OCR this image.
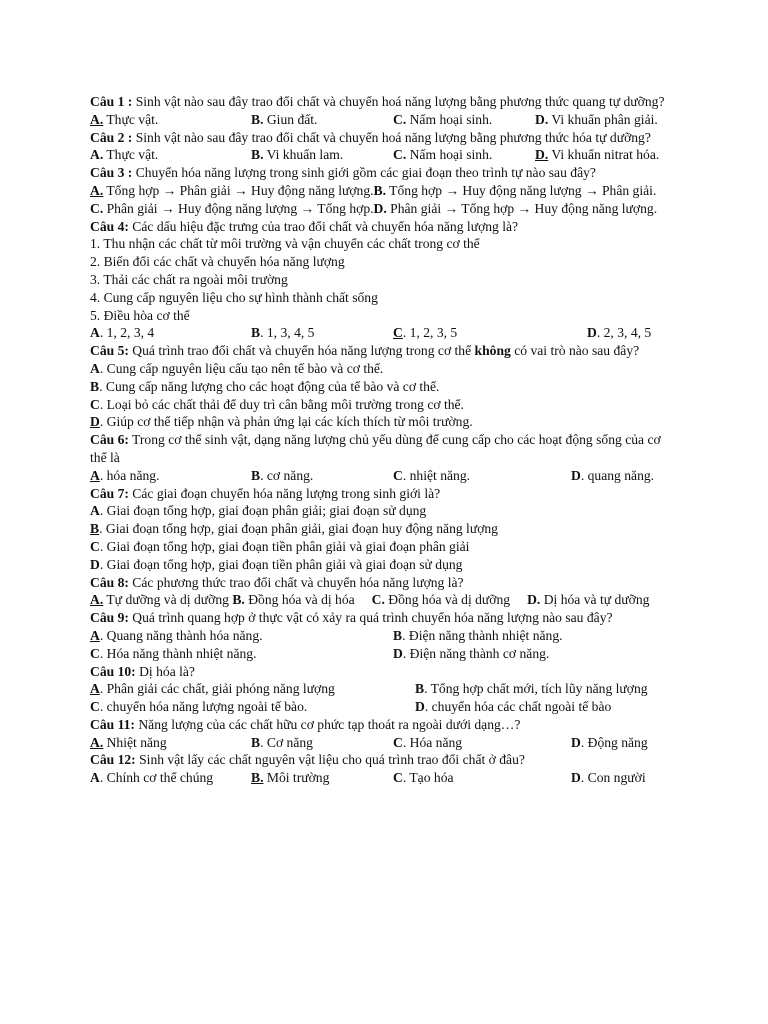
Câu 1 : Sinh vật nào sau đây trao đổi chất và chuyển hoá năng lượng bằng phương thức quang tự dưỡng?
A. Thực vật.	B. Giun đất.	C. Nấm hoại sinh.	D. Vi khuẩn phân giải.
Câu 2 : Sinh vật nào sau đây trao đổi chất và chuyển hoá năng lượng bằng phương thức hóa tự dưỡng?
A. Thực vật.	B. Vi khuẩn lam.	C. Nấm hoại sinh.	D. Vi khuẩn nitrat hóa.
Câu 3 : Chuyển hóa năng lượng trong sinh giới gồm các giai đoạn theo trình tự nào sau đây?
A. Tổng hợp → Phân giải → Huy động năng lượng.B. Tổng hợp → Huy động năng lượng → Phân giải.
C. Phân giải → Huy động năng lượng → Tổng hợp.D. Phân giải → Tổng hợp → Huy động năng lượng.
Câu 4: Các dấu hiệu đặc trưng của trao đổi chất và chuyển hóa năng lượng là?
1. Thu nhận các chất từ môi trường và vận chuyển các chất trong cơ thể
2. Biến đổi các chất và chuyển hóa năng lượng
3. Thải các chất ra ngoài môi trường
4. Cung cấp nguyên liệu cho sự hình thành chất sống
5. Điều hòa cơ thể
A. 1, 2, 3, 4	B. 1, 3, 4, 5	C. 1, 2, 3, 5	D. 2, 3, 4, 5
Câu 5: Quá trình trao đổi chất và chuyển hóa năng lượng trong cơ thể không có vai trò nào sau đây?
A. Cung cấp nguyên liệu cấu tạo nên tế bào và cơ thể.
B. Cung cấp năng lượng cho các hoạt động của tế bào và cơ thể.
C. Loại bỏ các chất thải để duy trì cân bằng môi trường trong cơ thể.
D. Giúp cơ thể tiếp nhận và phản ứng lại các kích thích từ môi trường.
Câu 6: Trong cơ thể sinh vật, dạng năng lượng chủ yếu dùng để cung cấp cho các hoạt động sống của cơ thể là
A. hóa năng.	B. cơ năng.	C. nhiệt năng.	D. quang năng.
Câu 7: Các giai đoạn chuyển hóa năng lượng trong sinh giới là?
A. Giai đoạn tổng hợp, giai đoạn phân giải; giai đoạn sử dụng
B. Giai đoạn tổng hợp, giai đoạn phân giải, giai đoạn huy động năng lượng
C. Giai đoạn tổng hợp, giai đoạn tiền phân giải và giai đoạn phân giải
D. Giai đoạn tổng hợp, giai đoạn tiền phân giải và giai đoạn sử dụng
Câu 8: Các phương thức trao đổi chất và chuyển hóa năng lượng là?
A. Tự dưỡng và dị dưỡng B. Đồng hóa và dị hóa C. Đồng hóa và dị dưỡng D. Dị hóa và tự dưỡng
Câu 9: Quá trình quang hợp ở thực vật có xảy ra quá trình chuyển hóa năng lượng nào sau đây?
A. Quang năng thành hóa năng.	B. Điện năng thành nhiệt năng.
C. Hóa năng thành nhiệt năng.	D. Điện năng thành cơ năng.
Câu 10: Dị hóa là?
A. Phân giải các chất, giải phóng năng lượng	B. Tổng hợp chất mới, tích lũy năng lượng
C. chuyển hóa năng lượng ngoài tế bào.	D. chuyển hóa các chất ngoài tế bào
Câu 11: Năng lượng của các chất hữu cơ phức tạp thoát ra ngoài dưới dạng…?
A. Nhiệt năng	B. Cơ năng	C. Hóa năng	D. Động năng
Câu 12: Sinh vật lấy các chất nguyên vật liệu cho quá trình trao đổi chất ở đâu?
A. Chính cơ thể chúng	B. Môi trường	C. Tạo hóa	D. Con người
